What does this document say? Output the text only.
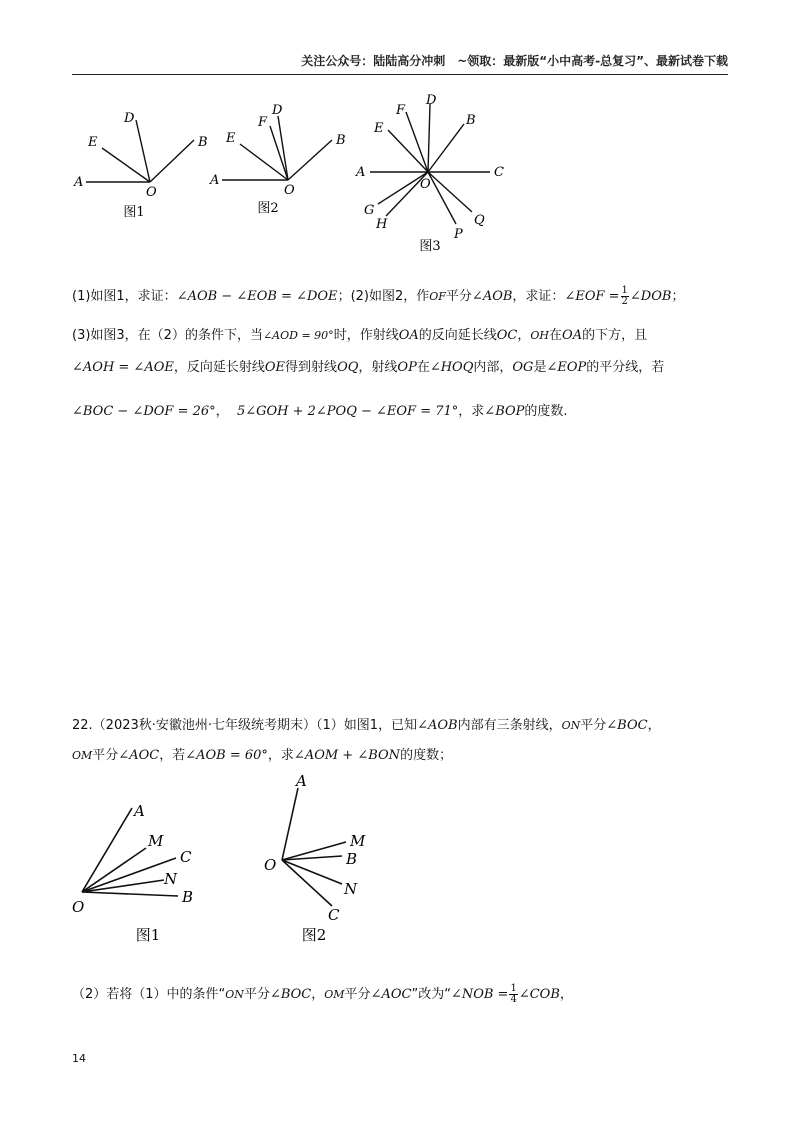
关注公众号：陆陆高分冲刺　~领取：最新版“小中高考-总复习”、最新试卷下载
D
E	B
A
O
图1
D
F
E	B
A
O
图2
D
F
E
B
A	C
O
G
H
P
Q
图3
(1)如图1，求证：∠AOB − ∠EOB = ∠DOE；(2)如图2，作OF平分∠AOB，求证：∠EOF = $\frac{1}{2}$ ∠DOB；
(3)如图3，在（2）的条件下，当∠AOD = 90°时，作射线OA的反向延长线OC，OH在OA的下方，且
∠AOH = ∠AOE，反向延长射线OE得到射线OQ，射线OP在∠HOQ内部，OG是∠EOP的平分线，若
∠BOC − ∠DOF = 26°， 5∠GOH + 2∠POQ − ∠EOF = 71°，求∠BOP的度数.
22.（2023秋·安徽池州·七年级统考期末）（1）如图1，已知∠AOB内部有三条射线，ON平分∠BOC，
OM平分∠AOC，若∠AOB = 60°，求∠AOM + ∠BON的度数；
A
M
C
N
B
O
图1
A
M
B
N
C
O
图2
（2）若将（1）中的条件“ON平分∠BOC，OM平分∠AOC”改为“∠NOB = $\frac{1}{4}$ ∠COB，
14
